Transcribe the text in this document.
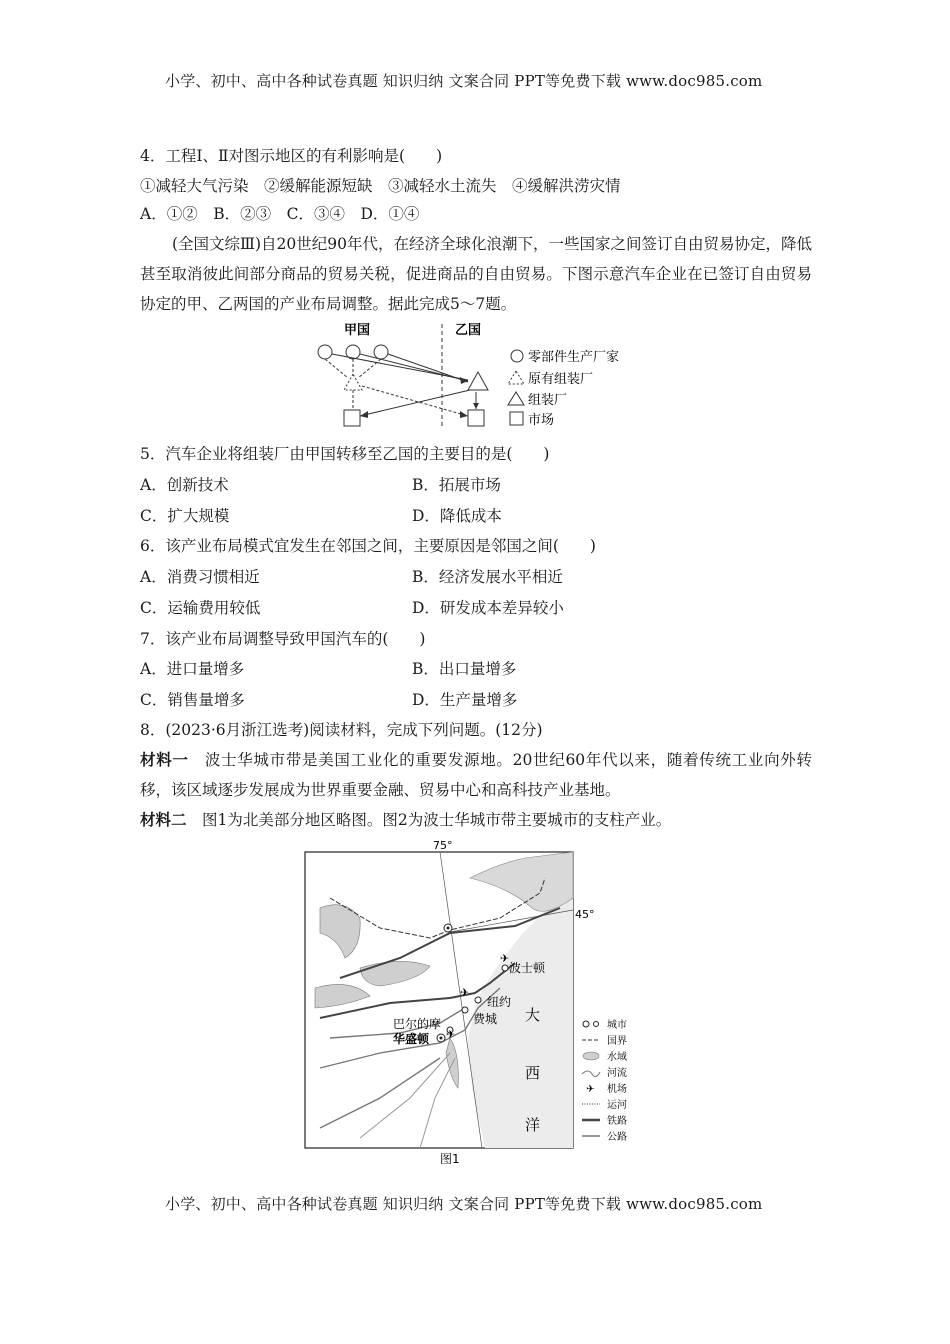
小学、初中、高中各种试卷真题 知识归纳 文案合同 PPT等免费下载 www.doc985.com
4．工程Ⅰ、Ⅱ对图示地区的有利影响是(　　)
①减轻大气污染　②缓解能源短缺　③减轻水土流失　④缓解洪涝灾情
A．①②　B．②③　C．③④　D．①④
(全国文综Ⅲ)自20世纪90年代，在经济全球化浪潮下，一些国家之间签订自由贸易协定，降低甚至取消彼此间部分商品的贸易关税，促进商品的自由贸易。下图示意汽车企业在已签订自由贸易协定的甲、乙两国的产业布局调整。据此完成5～7题。
甲国	乙国
零部件生产厂家
原有组装厂
组装厂
市场
5．汽车企业将组装厂由甲国转移至乙国的主要目的是(　　)
A．创新技术	B．拓展市场
C．扩大规模	D．降低成本
6．该产业布局模式宜发生在邻国之间，主要原因是邻国之间(　　)
A．消费习惯相近	B．经济发展水平相近
C．运输费用较低	D．研发成本差异较小
7．该产业布局调整导致甲国汽车的(　　)
A．进口量增多	B．出口量增多
C．销售量增多	D．生产量增多
8．(2023·6月浙江选考)阅读材料，完成下列问题。(12分)
材料一　 波士华城市带是美国工业化的重要发源地。20世纪60年代以来，随着传统工业向外转移，该区域逐步发展成为世界重要金融、贸易中心和高科技产业基地。
材料二　 图1为北美部分地区略图。图2为波士华城市带主要城市的支柱产业。
75°
45°
波士顿
纽约
费城
巴尔的摩
华盛顿
✈
✈
✈
大
西
洋
城市
国界
水域
河流
✈ 机场
运河
铁路
公路
图1
小学、初中、高中各种试卷真题 知识归纳 文案合同 PPT等免费下载 www.doc985.com
